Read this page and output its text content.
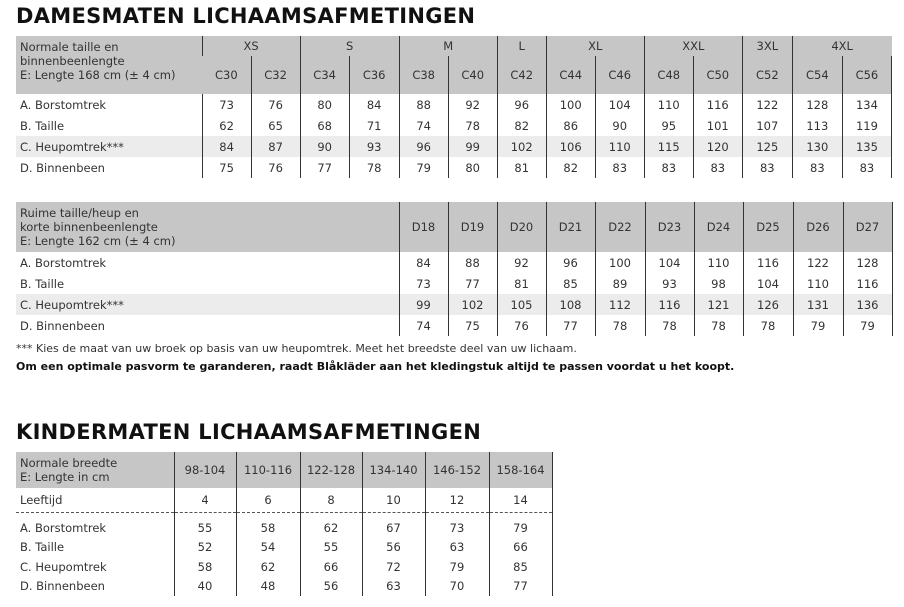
DAMESMATEN LICHAAMSAFMETINGEN
Normale taille en
binnenbeenlengte
E: Lengte 168 cm (± 4 cm)	XS		S		M		L	XL		XXL		3XL	4XL	
	C30	C32	C34	C36	C38	C40	C42	C44	C46	C48	C50	C52	C54	C56
A. Borstomtrek	73	76	80	84	88	92	96	100	104	110	116	122	128	134
B. Taille	62	65	68	71	74	78	82	86	90	95	101	107	113	119
C. Heupomtrek***	84	87	90	93	96	99	102	106	110	115	120	125	130	135
D. Binnenbeen	75	76	77	78	79	80	81	82	83	83	83	83	83	83
Ruime taille/heup en
korte binnenbeenlengte
E: Lengte 162 cm (± 4 cm)	D18	D19	D20	D21	D22	D23	D24	D25	D26	D27
A. Borstomtrek	84	88	92	96	100	104	110	116	122	128
B. Taille	73	77	81	85	89	93	98	104	110	116
C. Heupomtrek***	99	102	105	108	112	116	121	126	131	136
D. Binnenbeen	74	75	76	77	78	78	78	78	79	79
*** Kies de maat van uw broek op basis van uw heupomtrek. Meet het breedste deel van uw lichaam.
Om een optimale pasvorm te garanderen, raadt Blåkläder aan het kledingstuk altijd te passen voordat u het koopt.
KINDERMATEN LICHAAMSAFMETINGEN
Normale breedte
E: Lengte in cm	98-104	110-116	122-128	134-140	146-152	158-164
Leeftijd	4	6	8	10	12	14

A. Borstomtrek	55	58	62	67	73	79
B. Taille	52	54	55	56	63	66
C. Heupomtrek	58	62	66	72	79	85
D. Binnenbeen	40	48	56	63	70	77
